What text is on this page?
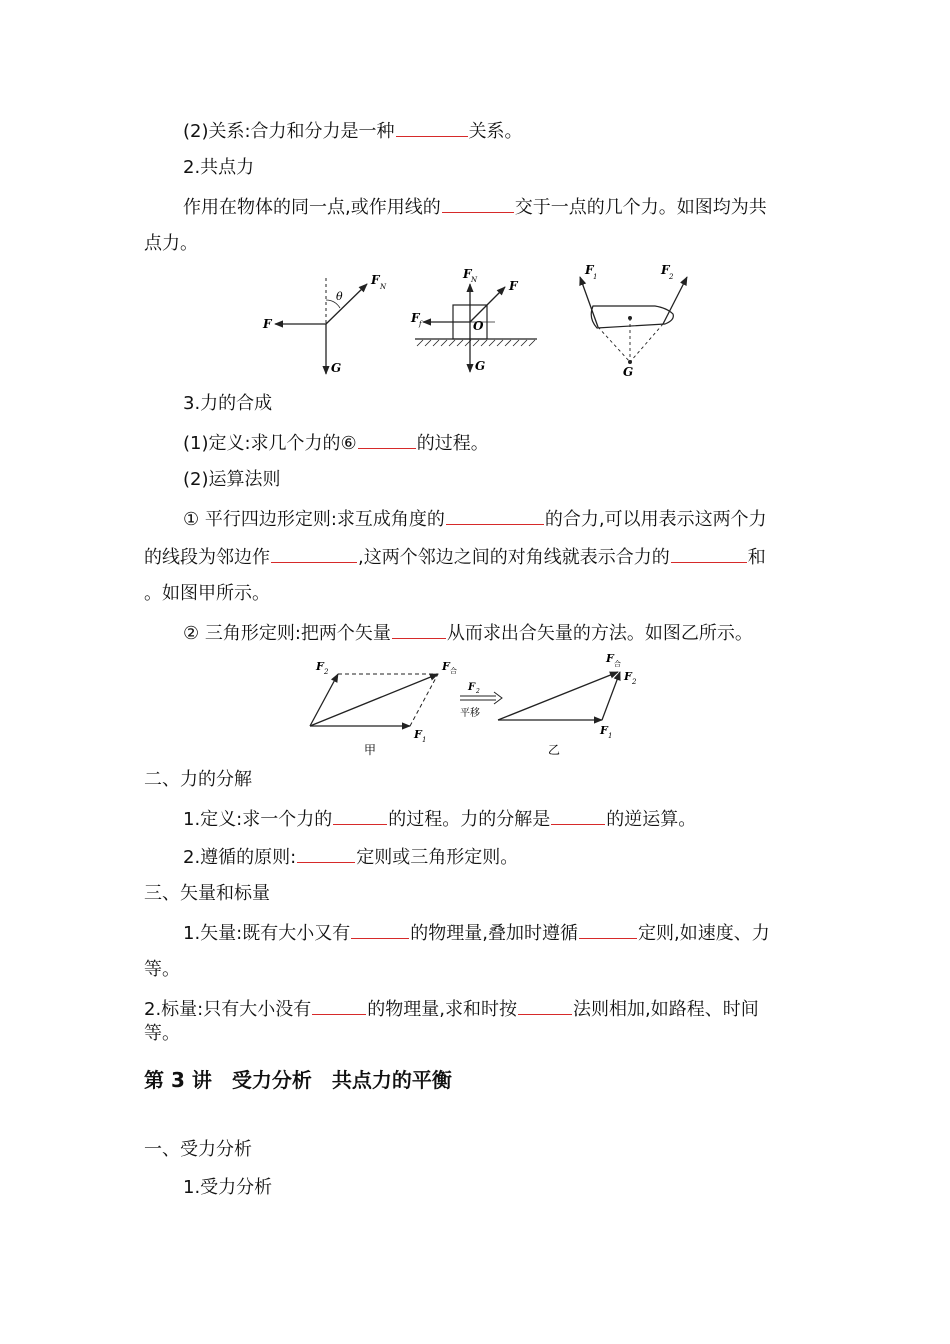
(2)关系:合力和分力是一种	关系。
2.共点力
作用在物体的同一点,或作用线的	交于一点的几个力。如图均为共
点力。
θ
F N
F
G
F N	F
F f	O
G
F 1	F 2
G
3.力的合成
(1)定义:求几个力的⑥	的过程。
(2)运算法则
① 平行四边形定则:求互成角度的	的合力,可以用表示这两个力
的线段为邻边作	,这两个邻边之间的对角线就表示合力的	和
。如图甲所示。
② 三角形定则:把两个矢量	从而求出合矢量的方法。如图乙所示。
F 2	F 合
F 1
甲
F 2
平移
F 合
F 2
F 1
乙
二、力的分解
1.定义:求一个力的	的过程。力的分解是	的逆运算。
2.遵循的原则:	定则或三角形定则。
三、矢量和标量
1.矢量:既有大小又有	的物理量,叠加时遵循	定则,如速度、力
等。
2.标量:只有大小没有	的物理量,求和时按	法则相加,如路程、时间
等。
第 3 讲　受力分析　共点力的平衡
一、受力分析
1.受力分析
